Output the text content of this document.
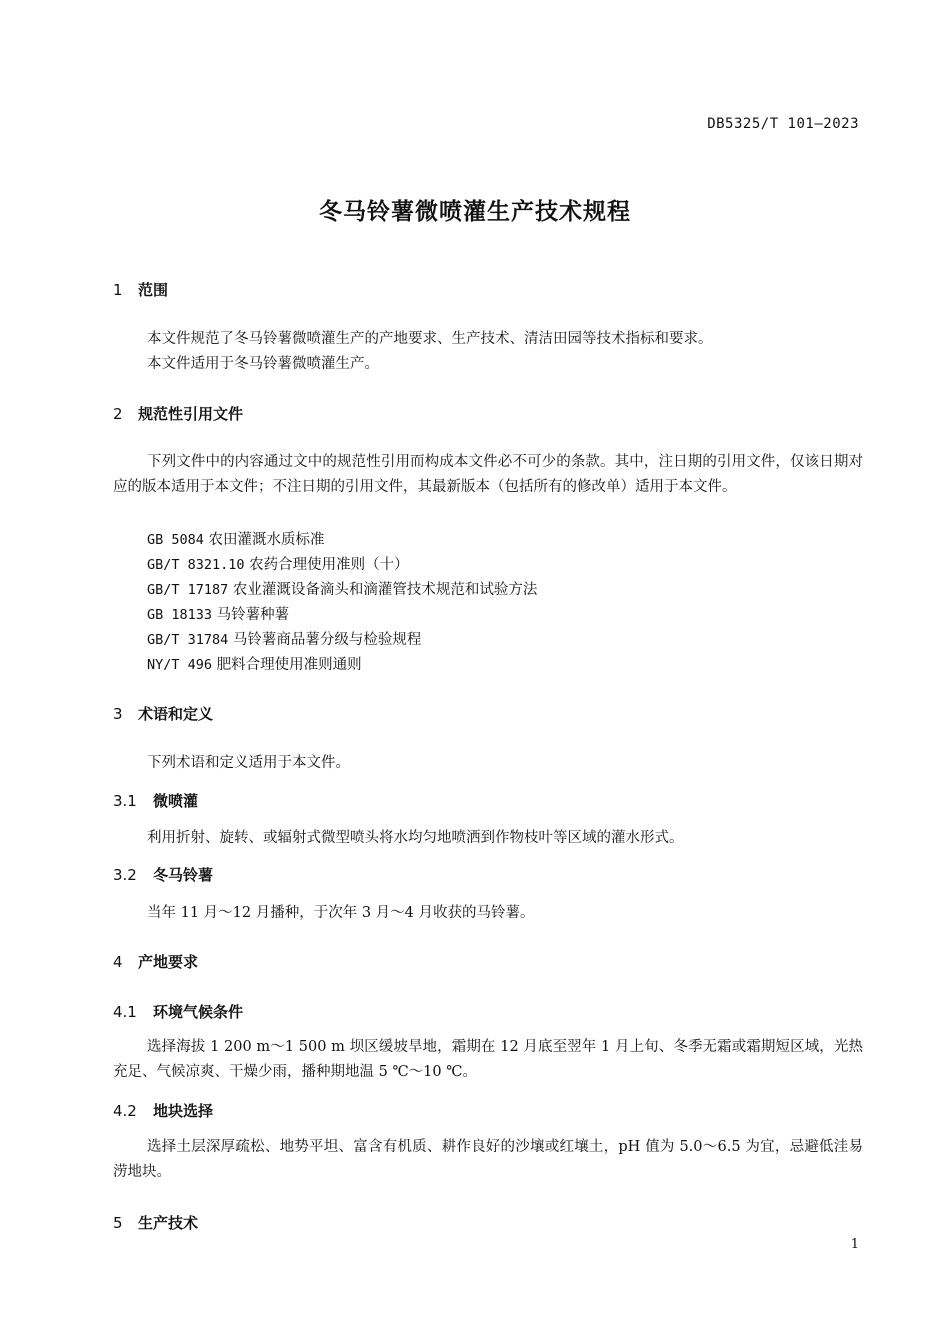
DB5325/T 101—2023
冬马铃薯微喷灌生产技术规程
1 范围
本文件规范了冬马铃薯微喷灌生产的产地要求、生产技术、清洁田园等技术指标和要求。
本文件适用于冬马铃薯微喷灌生产。
2 规范性引用文件
下列文件中的内容通过文中的规范性引用而构成本文件必不可少的条款。其中，注日期的引用文件，仅该日期对应的版本适用于本文件；不注日期的引用文件，其最新版本（包括所有的修改单）适用于本文件。
GB 5084 农田灌溉水质标准
GB/T 8321.10 农药合理使用准则（十）
GB/T 17187 农业灌溉设备滴头和滴灌管技术规范和试验方法
GB 18133 马铃薯种薯
GB/T 31784 马铃薯商品薯分级与检验规程
NY/T 496 肥料合理使用准则通则
3 术语和定义
下列术语和定义适用于本文件。
3.1 微喷灌
利用折射、旋转、或辐射式微型喷头将水均匀地喷洒到作物枝叶等区域的灌水形式。
3.2 冬马铃薯
当年 11 月～12 月播种，于次年 3 月～4 月收获的马铃薯。
4 产地要求
4.1 环境气候条件
选择海拔 1 200 m～1 500 m 坝区缓坡旱地，霜期在 12 月底至翌年 1 月上旬、冬季无霜或霜期短区域，光热充足、气候凉爽、干燥少雨，播种期地温 5 ℃～10 ℃。
4.2 地块选择
选择土层深厚疏松、地势平坦、富含有机质、耕作良好的沙壤或红壤土，pH 值为 5.0～6.5 为宜，忌避低洼易涝地块。
5 生产技术
1
